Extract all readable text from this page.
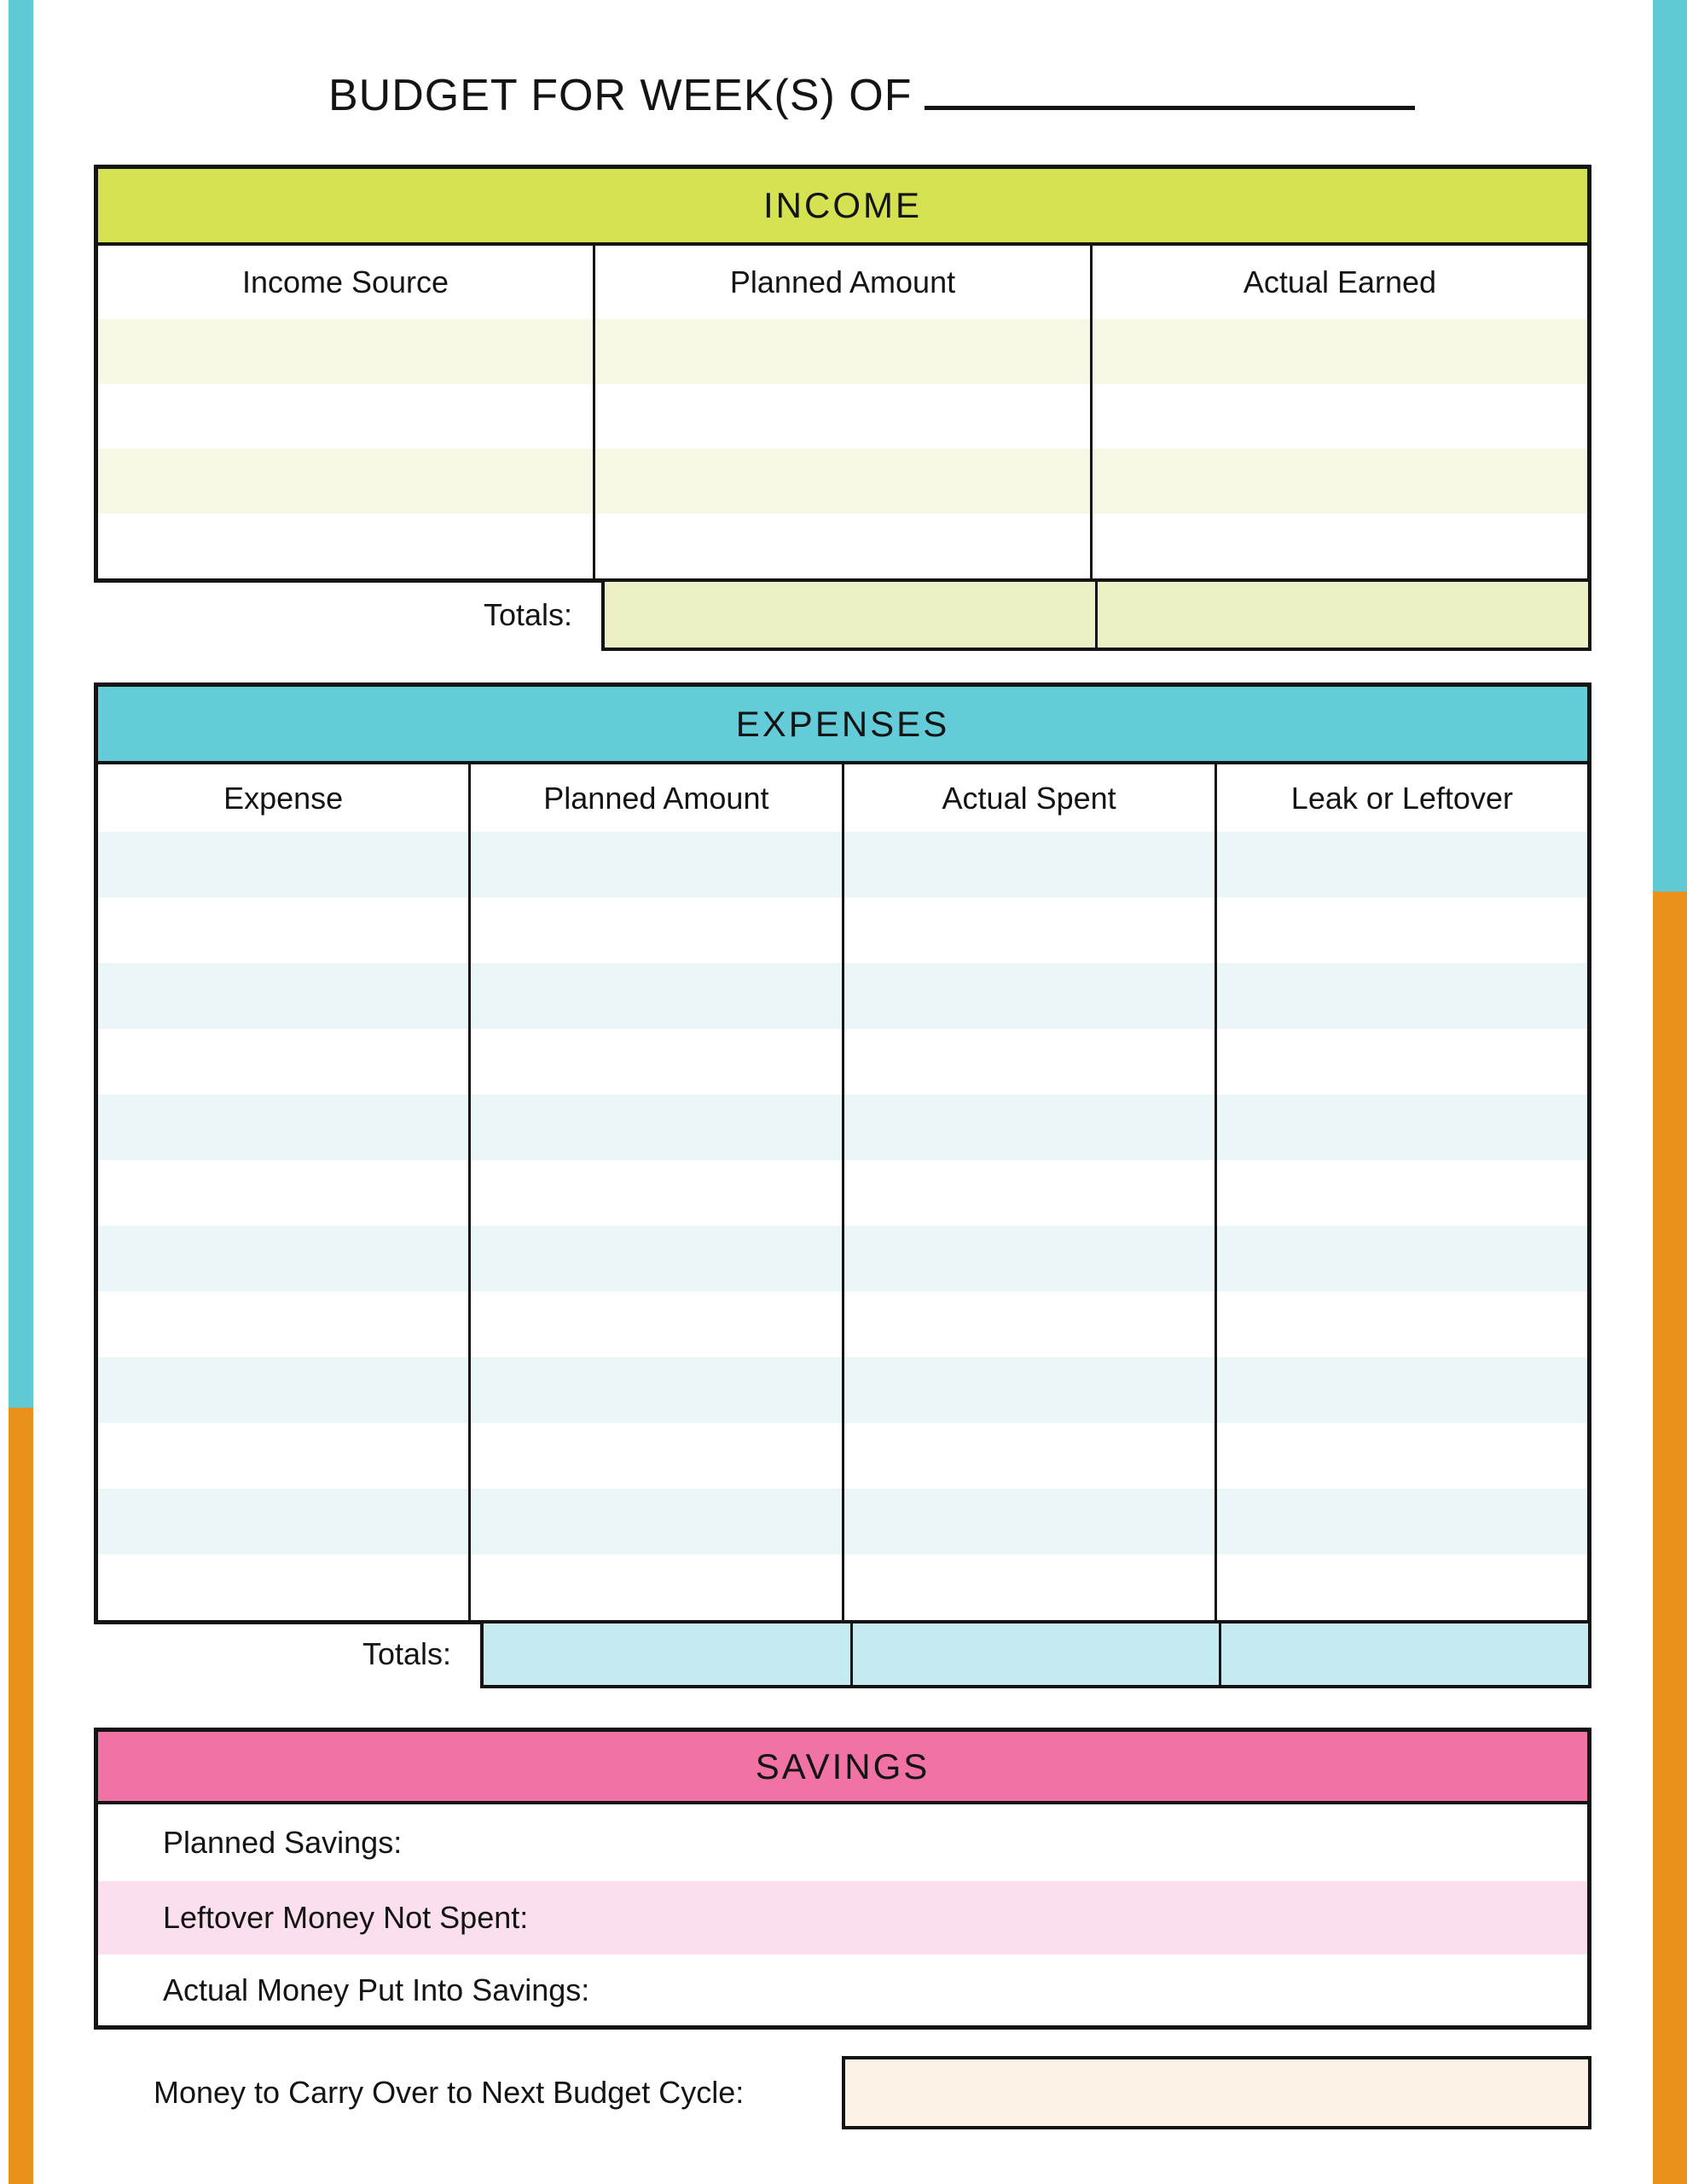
BUDGET FOR WEEK(S) OF
INCOME
Income Source	Planned Amount	Actual Earned
Totals:
EXPENSES
Expense	Planned Amount	Actual Spent	Leak or Leftover
Totals:
SAVINGS
Planned Savings:
Leftover Money Not Spent:
Actual Money Put Into Savings:
Money to Carry Over to Next Budget Cycle:
